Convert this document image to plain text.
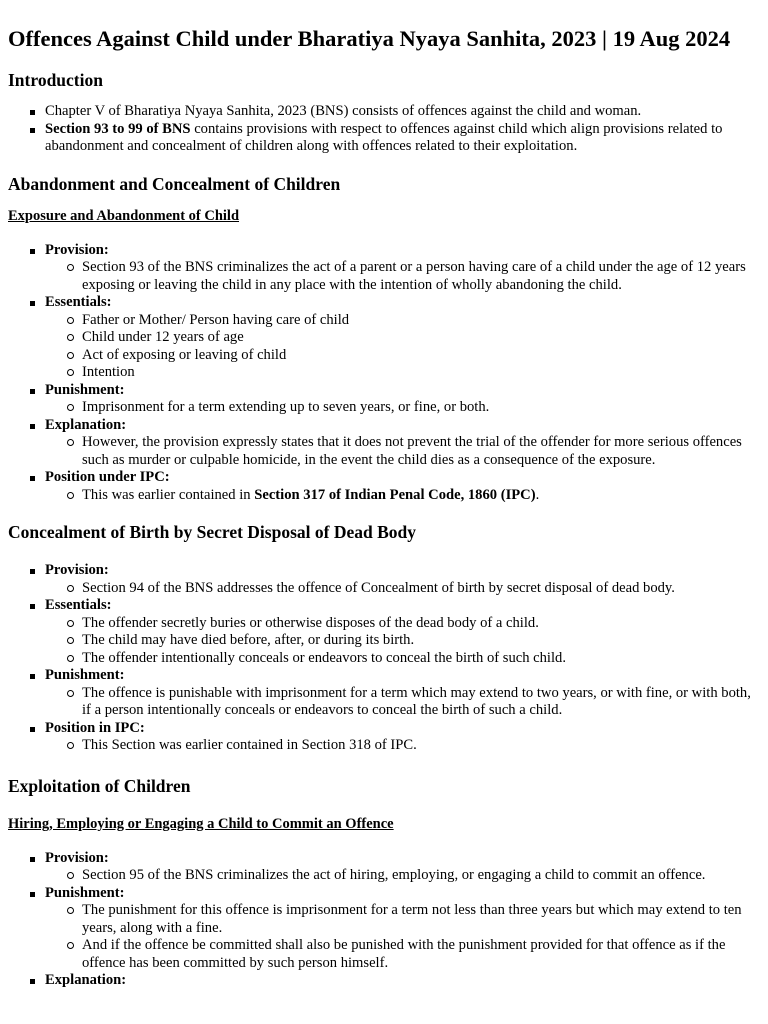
Offences Against Child under Bharatiya Nyaya Sanhita, 2023 | 19 Aug 2024
Introduction
Chapter V of Bharatiya Nyaya Sanhita, 2023 (BNS) consists of offences against the child and woman.
Section 93 to 99 of BNS contains provisions with respect to offences against child which align provisions related to abandonment and concealment of children along with offences related to their exploitation.
Abandonment and Concealment of Children
Exposure and Abandonment of Child
Provision:
Section 93 of the BNS criminalizes the act of a parent or a person having care of a child under the age of 12 years exposing or leaving the child in any place with the intention of wholly abandoning the child.
Essentials:
Father or Mother/ Person having care of child
Child under 12 years of age
Act of exposing or leaving of child
Intention
Punishment:
Imprisonment for a term extending up to seven years, or fine, or both.
Explanation:
However, the provision expressly states that it does not prevent the trial of the offender for more serious offences such as murder or culpable homicide, in the event the child dies as a consequence of the exposure.
Position under IPC:
This was earlier contained in Section 317 of Indian Penal Code, 1860 (IPC).
Concealment of Birth by Secret Disposal of Dead Body
Provision:
Section 94 of the BNS addresses the offence of Concealment of birth by secret disposal of dead body.
Essentials:
The offender secretly buries or otherwise disposes of the dead body of a child.
The child may have died before, after, or during its birth.
The offender intentionally conceals or endeavors to conceal the birth of such child.
Punishment:
The offence is punishable with imprisonment for a term which may extend to two years, or with fine, or with both, if a person intentionally conceals or endeavors to conceal the birth of such a child.
Position in IPC:
This Section was earlier contained in Section 318 of IPC.
Exploitation of Children
Hiring, Employing or Engaging a Child to Commit an Offence
Provision:
Section 95 of the BNS criminalizes the act of hiring, employing, or engaging a child to commit an offence.
Punishment:
The punishment for this offence is imprisonment for a term not less than three years but which may extend to ten years, along with a fine.
And if the offence be committed shall also be punished with the punishment provided for that offence as if the offence has been committed by such person himself.
Explanation:
